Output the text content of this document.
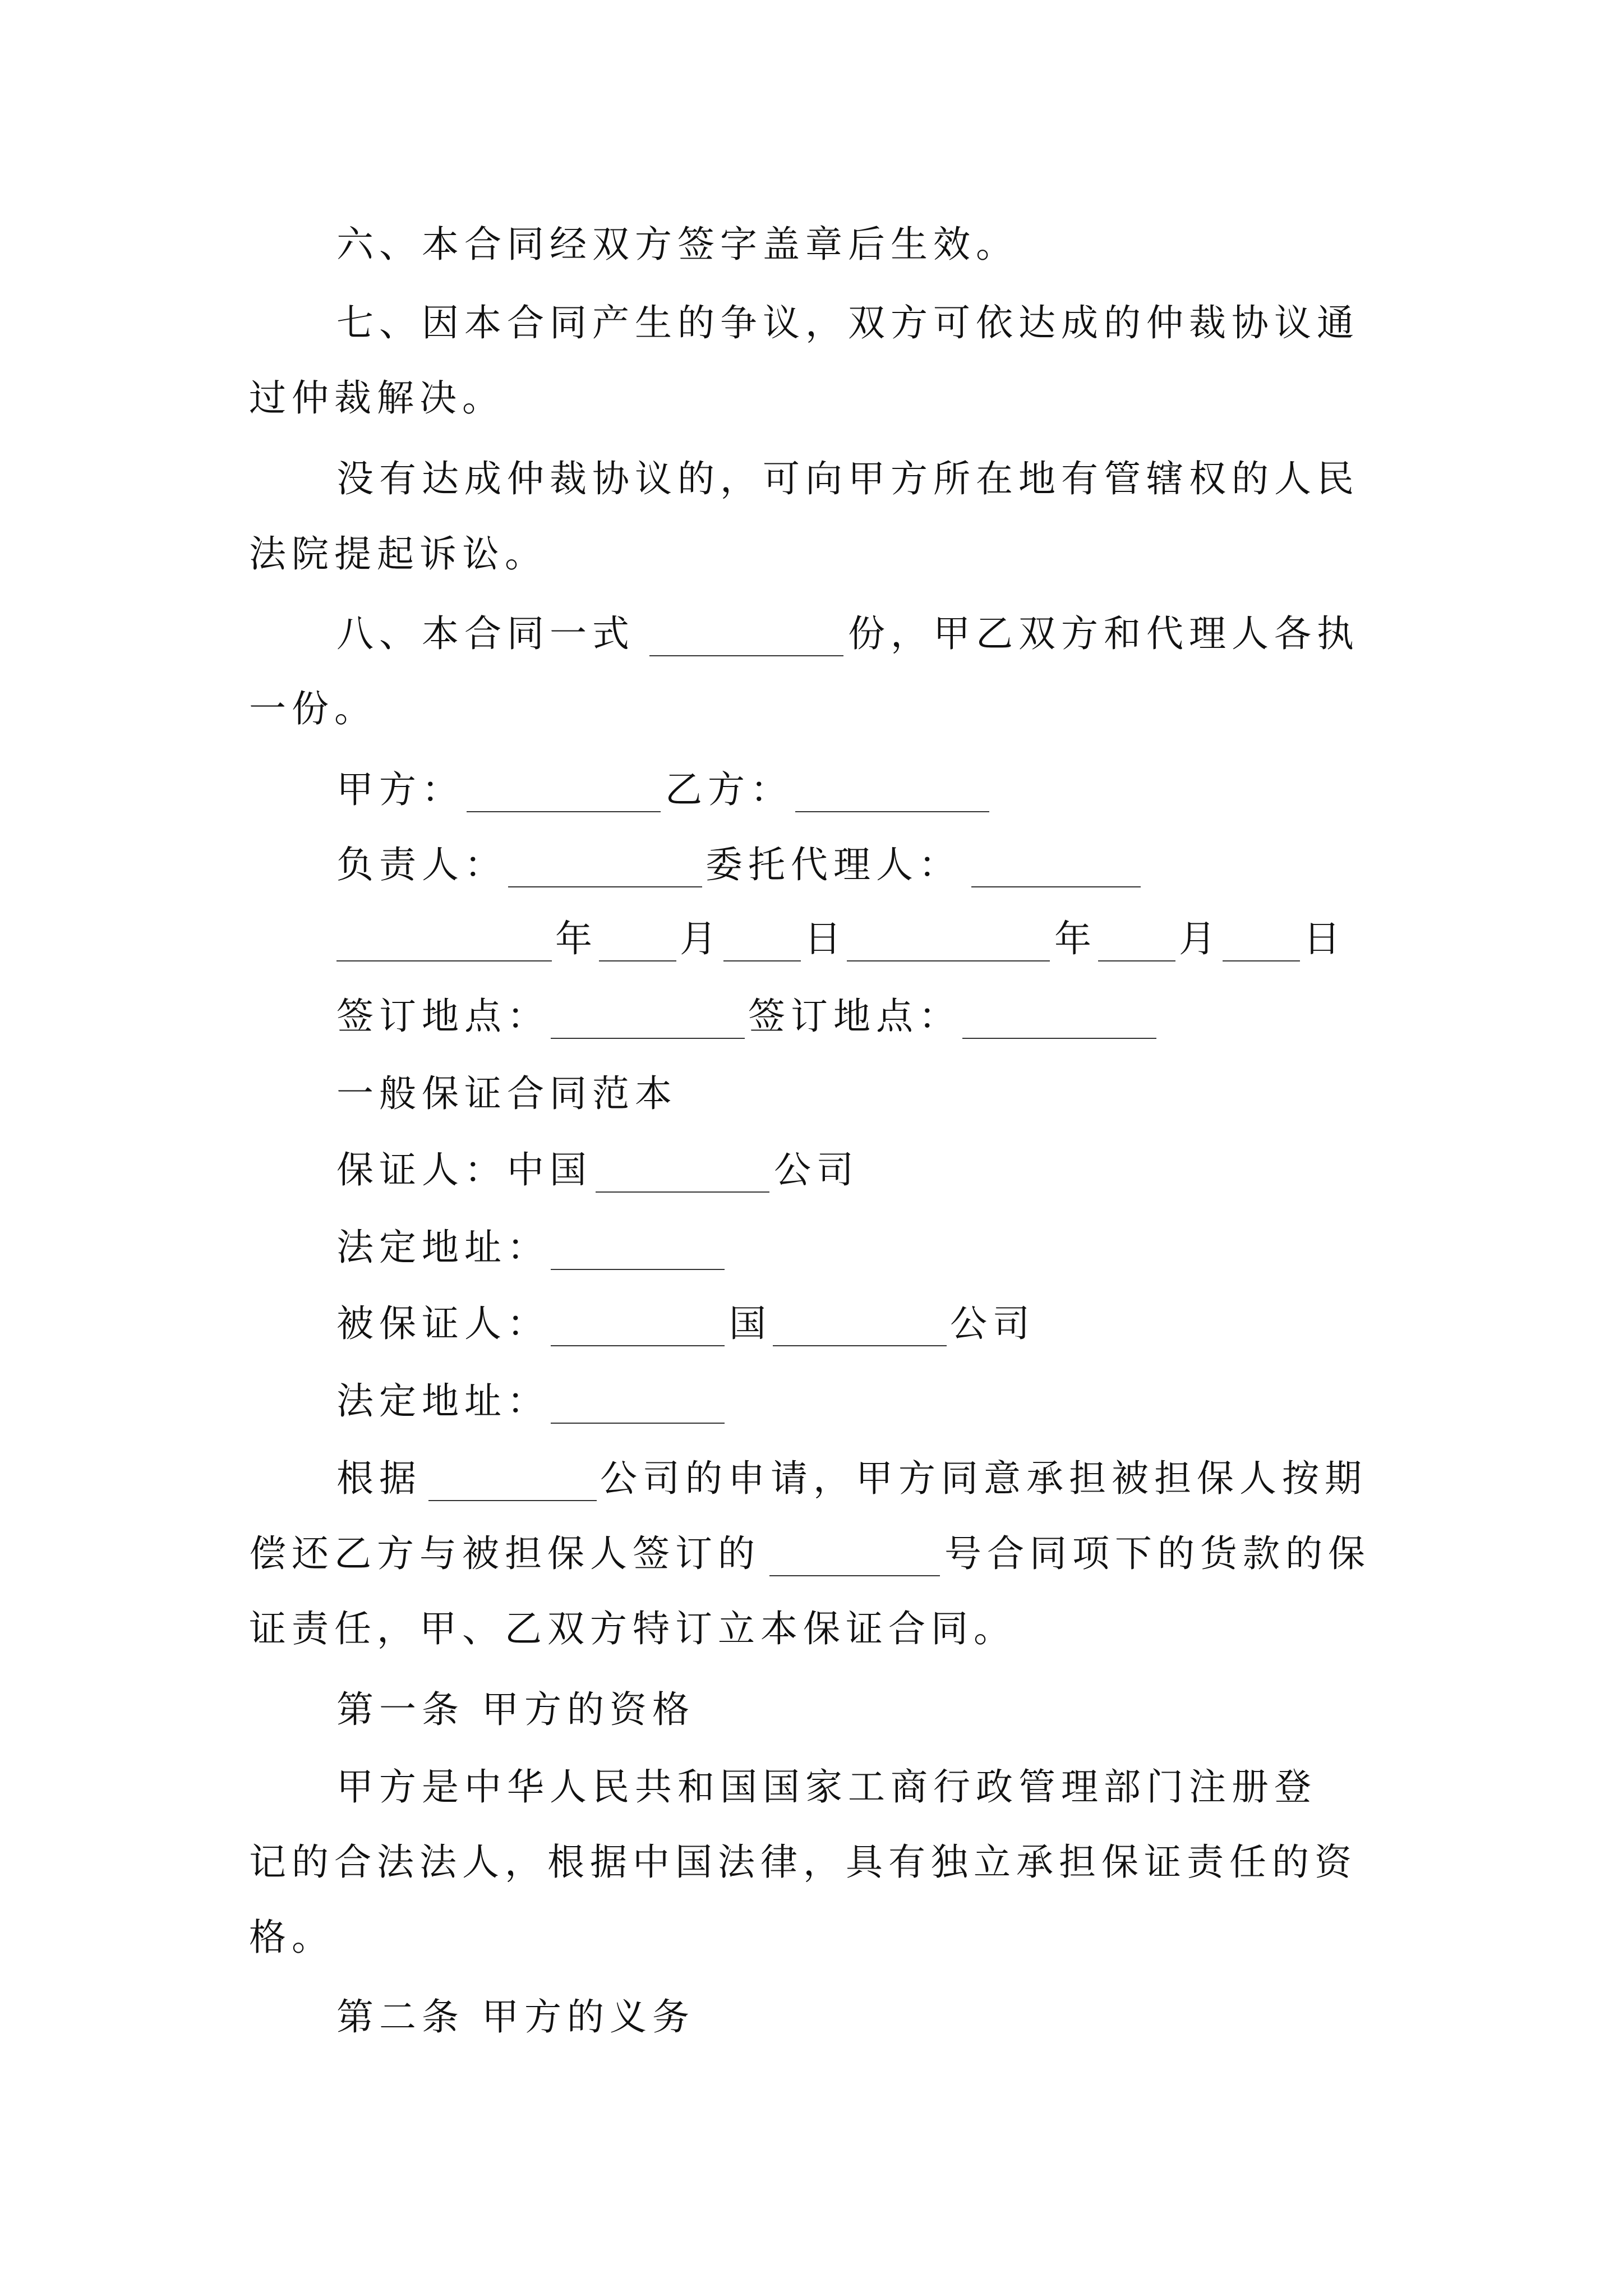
六、本合同经双方签字盖章后生效。
七、因本合同产生的争议，双方可依达成的仲裁协议通
过仲裁解决。
没有达成仲裁协议的，可向甲方所在地有管辖权的人民
法院提起诉讼。
八、本合同一式	份，甲乙双方和代理人各执
一份。
甲方：	乙方：
负责人：	委托代理人：
年 月 日	年 月 日
签订地点：	签订地点：
一般保证合同范本
保证人：中国	公司
法定地址：
被保证人：	国	公司
法定地址：
根据	公司的申请，甲方同意承担被担保人按期
偿还乙方与被担保人签订的	号合同项下的货款的保
证责任，甲、乙双方特订立本保证合同。
第一条 甲方的资格
甲方是中华人民共和国国家工商行政管理部门注册登
记的合法法人，根据中国法律，具有独立承担保证责任的资
格。
第二条 甲方的义务
